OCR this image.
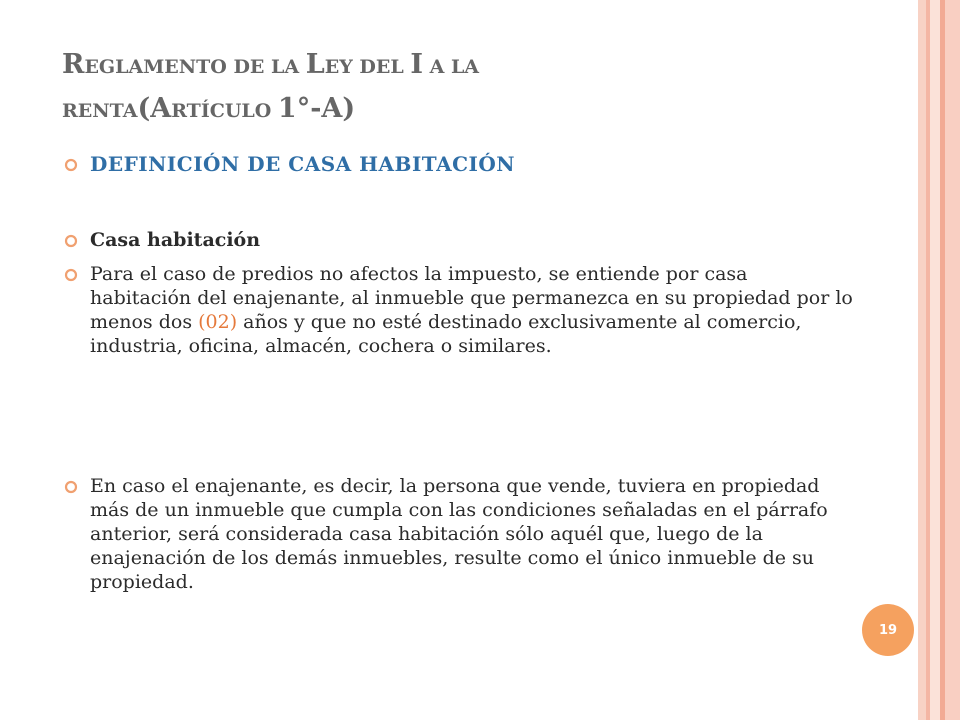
REGLAMENTO DE LA LEY DEL I A LA
RENTA(ARTÍCULO 1°-A)
DEFINICIÓN DE CASA HABITACIÓN
Casa habitación
Para el caso de predios no afectos la impuesto, se entiende por casa habitación del enajenante, al inmueble que permanezca en su propiedad por lo menos dos (02) años y que no esté destinado exclusivamente al comercio, industria, oficina, almacén, cochera o similares.
En caso el enajenante, es decir, la persona que vende, tuviera en propiedad más de un inmueble que cumpla con las condiciones señaladas en el párrafo anterior, será considerada casa habitación sólo aquél que, luego de la enajenación de los demás inmuebles, resulte como el único inmueble de su propiedad.
19
